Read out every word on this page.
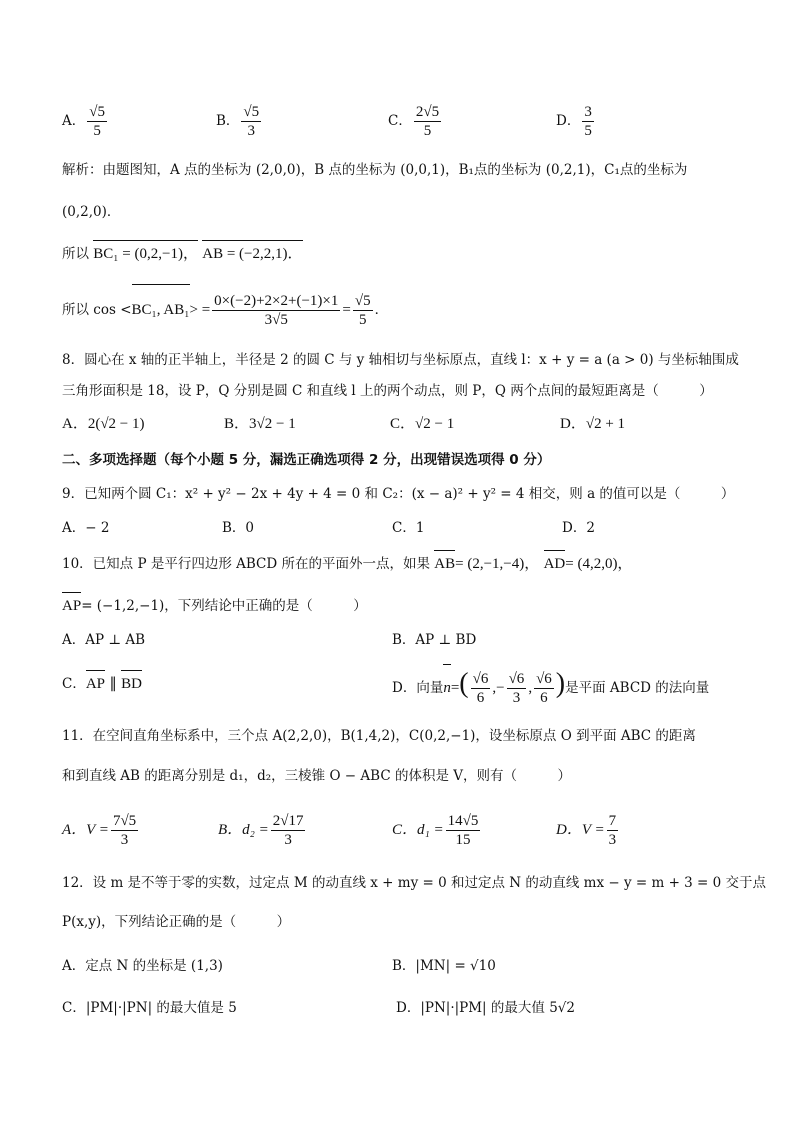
A． $\frac{√5}{5}$	B． $\frac{√5}{3}$	C． $\frac{2√5}{5}$	D． $\frac{3}{5}$
解析：由题图知，A 点的坐标为 (2,0,0)，B 点的坐标为 (0,0,1)，B₁点的坐标为 (0,2,1)，C₁点的坐标为
(0,2,0)．
所以 BC₁ = (0,2,−1)， AB = (−2,2,1)．
所以 cos <BC₁, $AB_1> = \frac{0\times(-2)+2\times 2+(-1)\times 1}{3√5} = \frac{√5}{5}$ ．
8．圆心在 x 轴的正半轴上，半径是 2 的圆 C 与 y 轴相切与坐标原点，直线 l：x + y = a (a > 0) 与坐标轴围成
三角形面积是 18，设 P，Q 分别是圆 C 和直线 l 上的两个动点，则 P，Q 两个点间的最短距离是（　　　）
A．2(√2 − 1)	B．3√2 − 1	C．√2 − 1	D．√2 + 1
二、多项选择题（每个小题 5 分，漏选正确选项得 2 分，出现错误选项得 0 分）
9．已知两个圆 C₁：x² + y² − 2x + 4y + 4 = 0 和 C₂：(x − a)² + y² = 4 相交，则 a 的值可以是（　　　）
A．− 2	B．0	C．1	D．2
10．已知点 P 是平行四边形 ABCD 所在的平面外一点，如果 AB= (2,−1,−4)， AD= (4,2,0)，
AP= (−1,2,−1)，下列结论中正确的是（　　　）
A．AP ⊥ AB	B．AP ⊥ BD
C．AP ∥ BD	D．向量$n=( \frac{√6}{6}$ ,− $\frac{√6}{3}$ , $\frac{√6}{6}$ )是平面 ABCD 的法向量
11．在空间直角坐标系中，三个点 A(2,2,0)，B(1,4,2)，C(0,2,−1)，设坐标原点 O 到平面 ABC 的距离
和到直线 AB 的距离分别是 d₁，d₂，三棱锥 O − ABC 的体积是 V，则有（　　　）
A．$V = \frac{7√5}{3}$	B．$d_2 = \frac{2√17}{3}$	C．$d_1 = \frac{14√5}{15}$	D．$V = \frac{7}{3}$
12．设 m 是不等于零的实数，过定点 M 的动直线 x + my = 0 和过定点 N 的动直线 mx − y = m + 3 = 0 交于点
P(x,y)，下列结论正确的是（　　　）
A．定点 N 的坐标是 (1,3)	B．|MN| = √10
C．|PM|·|PN| 的最大值是 5	D．|PN|·|PM| 的最大值 5√2
